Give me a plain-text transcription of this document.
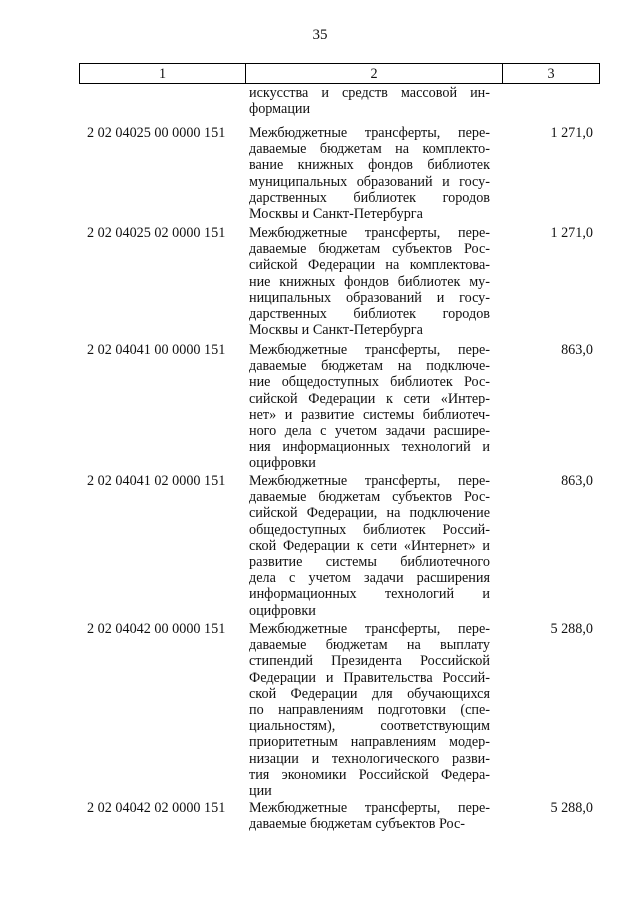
35
1	2	3
искусства и средств массовой ин-
формации
2 02 04025 00 0000 151	Межбюджетные трансферты, пере-
даваемые бюджетам на комплекто-
вание книжных фондов библиотек
муниципальных образований и госу-
дарственных библиотек городов
Москвы и Санкт-Петербурга
1 271,0
2 02 04025 02 0000 151	Межбюджетные трансферты, пере-
даваемые бюджетам субъектов Рос-
сийской Федерации на комплектова-
ние книжных фондов библиотек му-
ниципальных образований и госу-
дарственных библиотек городов
Москвы и Санкт-Петербурга
1 271,0
2 02 04041 00 0000 151	Межбюджетные трансферты, пере-
даваемые бюджетам на подключе-
ние общедоступных библиотек Рос-
сийской Федерации к сети «Интер-
нет» и развитие системы библиотеч-
ного дела с учетом задачи расшире-
ния информационных технологий и
оцифровки
863,0
2 02 04041 02 0000 151	Межбюджетные трансферты, пере-
даваемые бюджетам субъектов Рос-
сийской Федерации, на подключение
общедоступных библиотек Россий-
ской Федерации к сети «Интернет» и
развитие системы библиотечного
дела с учетом задачи расширения
информационных технологий и
оцифровки
863,0
2 02 04042 00 0000 151	Межбюджетные трансферты, пере-
даваемые бюджетам на выплату
стипендий Президента Российской
Федерации и Правительства Россий-
ской Федерации для обучающихся
по направлениям подготовки (спе-
циальностям), соответствующим
приоритетным направлениям модер-
низации и технологического разви-
тия экономики Российской Федера-
ции
5 288,0
2 02 04042 02 0000 151	Межбюджетные трансферты, пере-
даваемые бюджетам субъектов Рос-
5 288,0
